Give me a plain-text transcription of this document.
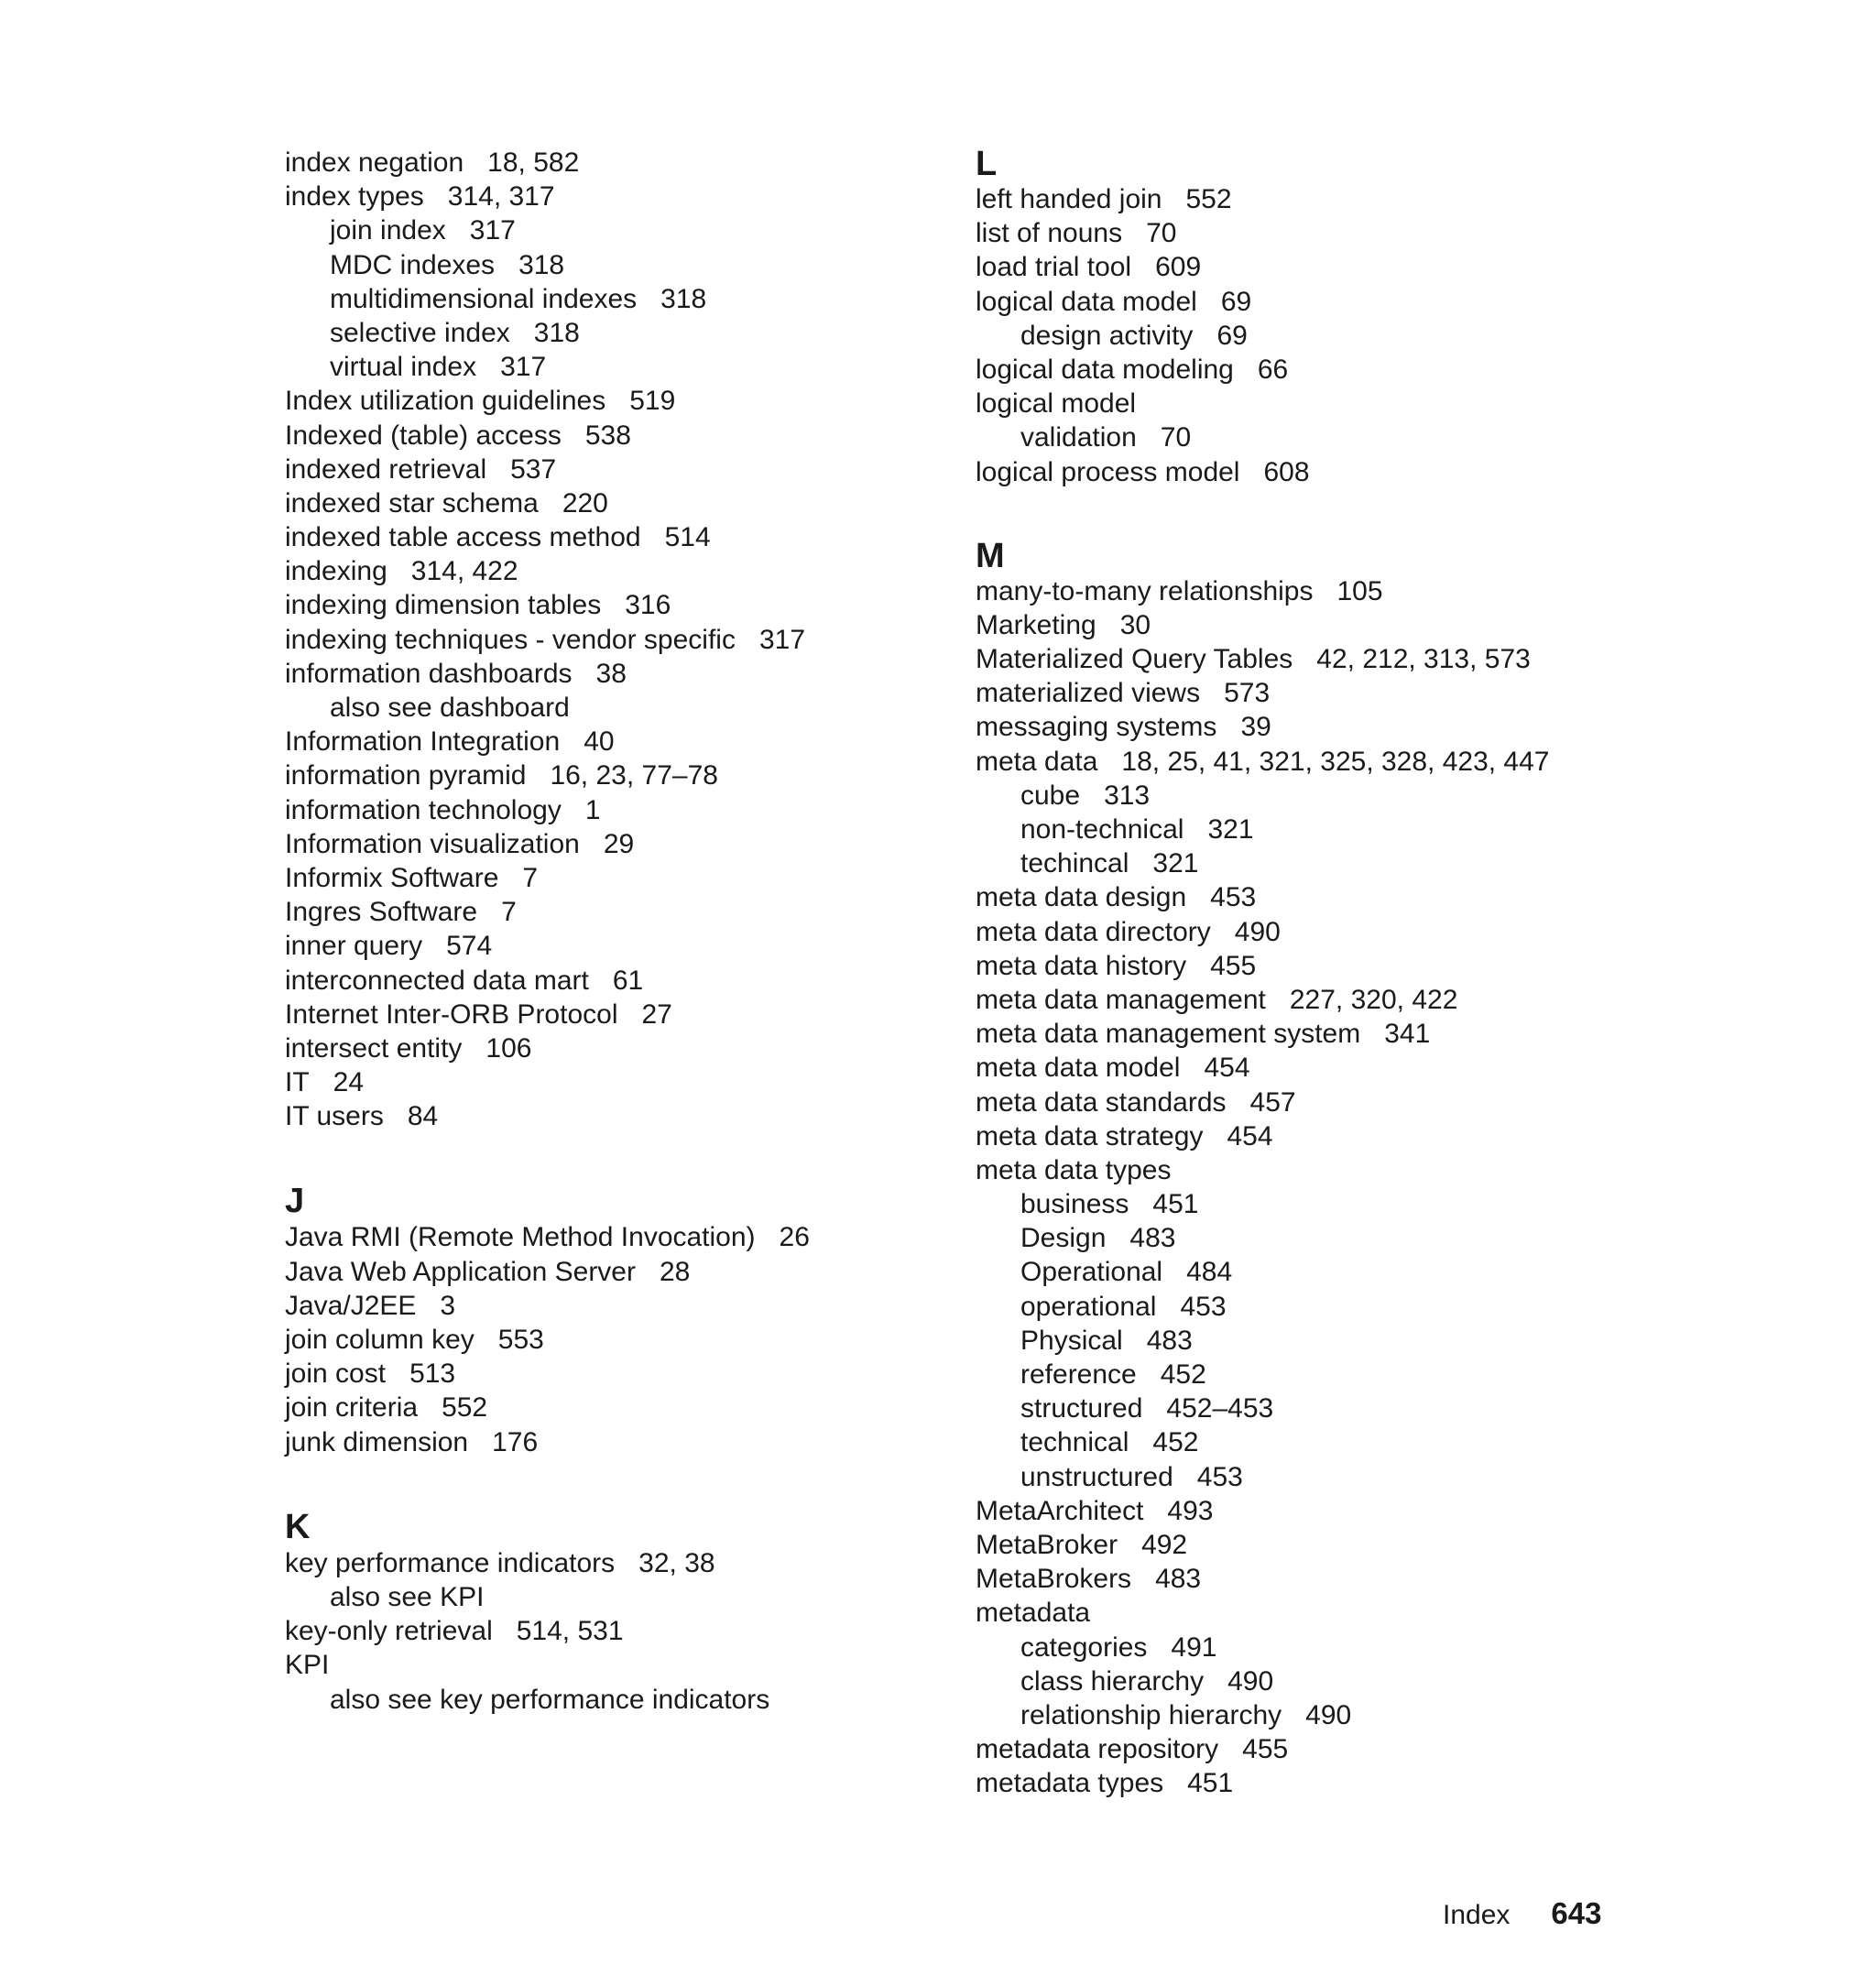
index negation 18, 582
index types 314, 317
join index 317
MDC indexes 318
multidimensional indexes 318
selective index 318
virtual index 317
Index utilization guidelines 519
Indexed (table) access 538
indexed retrieval 537
indexed star schema 220
indexed table access method 514
indexing 314, 422
indexing dimension tables 316
indexing techniques - vendor specific 317
information dashboards 38
also see dashboard
Information Integration 40
information pyramid 16, 23, 77–78
information technology 1
Information visualization 29
Informix Software 7
Ingres Software 7
inner query 574
interconnected data mart 61
Internet Inter-ORB Protocol 27
intersect entity 106
IT 24
IT users 84
J
Java RMI (Remote Method Invocation) 26
Java Web Application Server 28
Java/J2EE 3
join column key 553
join cost 513
join criteria 552
junk dimension 176
K
key performance indicators 32, 38
also see KPI
key-only retrieval 514, 531
KPI
also see key performance indicators
L
left handed join 552
list of nouns 70
load trial tool 609
logical data model 69
design activity 69
logical data modeling 66
logical model
validation 70
logical process model 608
M
many-to-many relationships 105
Marketing 30
Materialized Query Tables 42, 212, 313, 573
materialized views 573
messaging systems 39
meta data 18, 25, 41, 321, 325, 328, 423, 447
cube 313
non-technical 321
techincal 321
meta data design 453
meta data directory 490
meta data history 455
meta data management 227, 320, 422
meta data management system 341
meta data model 454
meta data standards 457
meta data strategy 454
meta data types
business 451
Design 483
Operational 484
operational 453
Physical 483
reference 452
structured 452–453
technical 452
unstructured 453
MetaArchitect 493
MetaBroker 492
MetaBrokers 483
metadata
categories 491
class hierarchy 490
relationship hierarchy 490
metadata repository 455
metadata types 451
Index 643
